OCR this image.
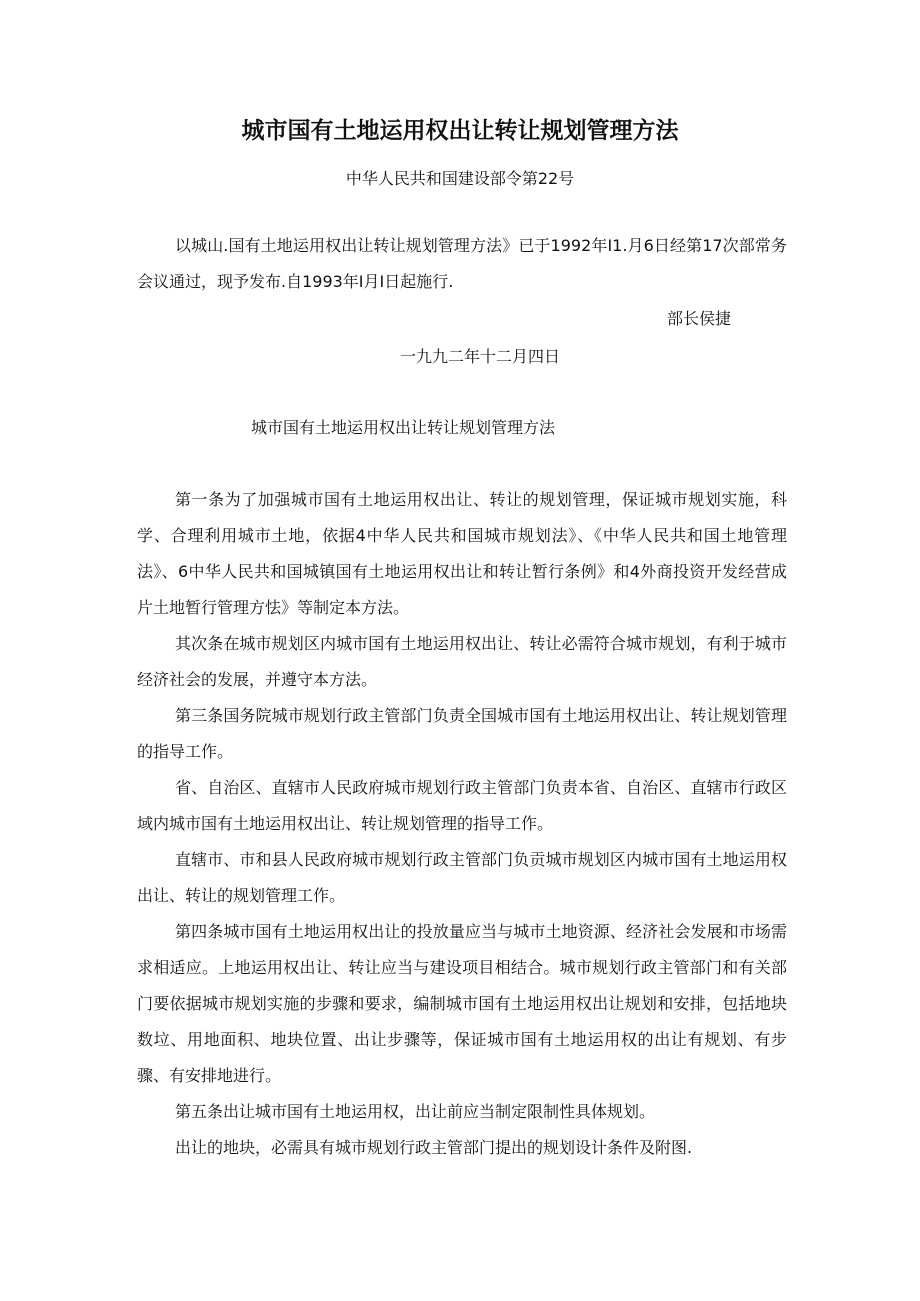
城市国有土地运用权出让转让规划管理方法
中华人民共和国建设部令第22号

以城山.国有土地运用权出让转让规划管理方法》已于1992年I1.月6日经第17次部常务会议通过，现予发布.自1993年I月I日起施行.

部长侯捷
一九九二年十二月四日
城市国有土地运用权出让转让规划管理方法

第一条为了加强城市国有土地运用权出让、转让的规划管理，保证城市规划实施，科学、合理利用城市土地，依据4中华人民共和国城市规划法》、《中华人民共和国土地管理法》、6中华人民共和国城镇国有土地运用权出让和转让暂行条例》和4外商投资开发经营成片土地暂行管理方怯》等制定本方法。

其次条在城市规划区内城市国有土地运用权出让、转让必需符合城市规划，有利于城市经济社会的发展，并遵守本方法。

第三条国务院城市规划行政主管部门负责全国城市国有土地运用权出让、转让规划管理的指导工作。

省、自治区、直辖市人民政府城市规划行政主管部门负责本省、自治区、直辖市行政区域内城市国有土地运用权出让、转让规划管理的指导工作。

直辖市、市和县人民政府城市规划行政主管部门负贡城市规划区内城市国有土地运用权出让、转让的规划管理工作。

第四条城市国有土地运用权出让的投放量应当与城市土地资源、经济社会发展和市场需求相适应。上地运用权出让、转让应当与建设项目相结合。城市规划行政主管部门和有关部门要依据城市规划实施的步骤和要求，编制城市国有土地运用权出让规划和安排，包括地块数垃、用地面积、地块位置、出让步骤等，保证城市国有土地运用权的出让有规划、有步骤、有安排地进行。

第五条出让城市国有土地运用权，出让前应当制定限制性具体规划。

出让的地块，必需具有城市规划行政主管部门提出的规划设计条件及附图.
